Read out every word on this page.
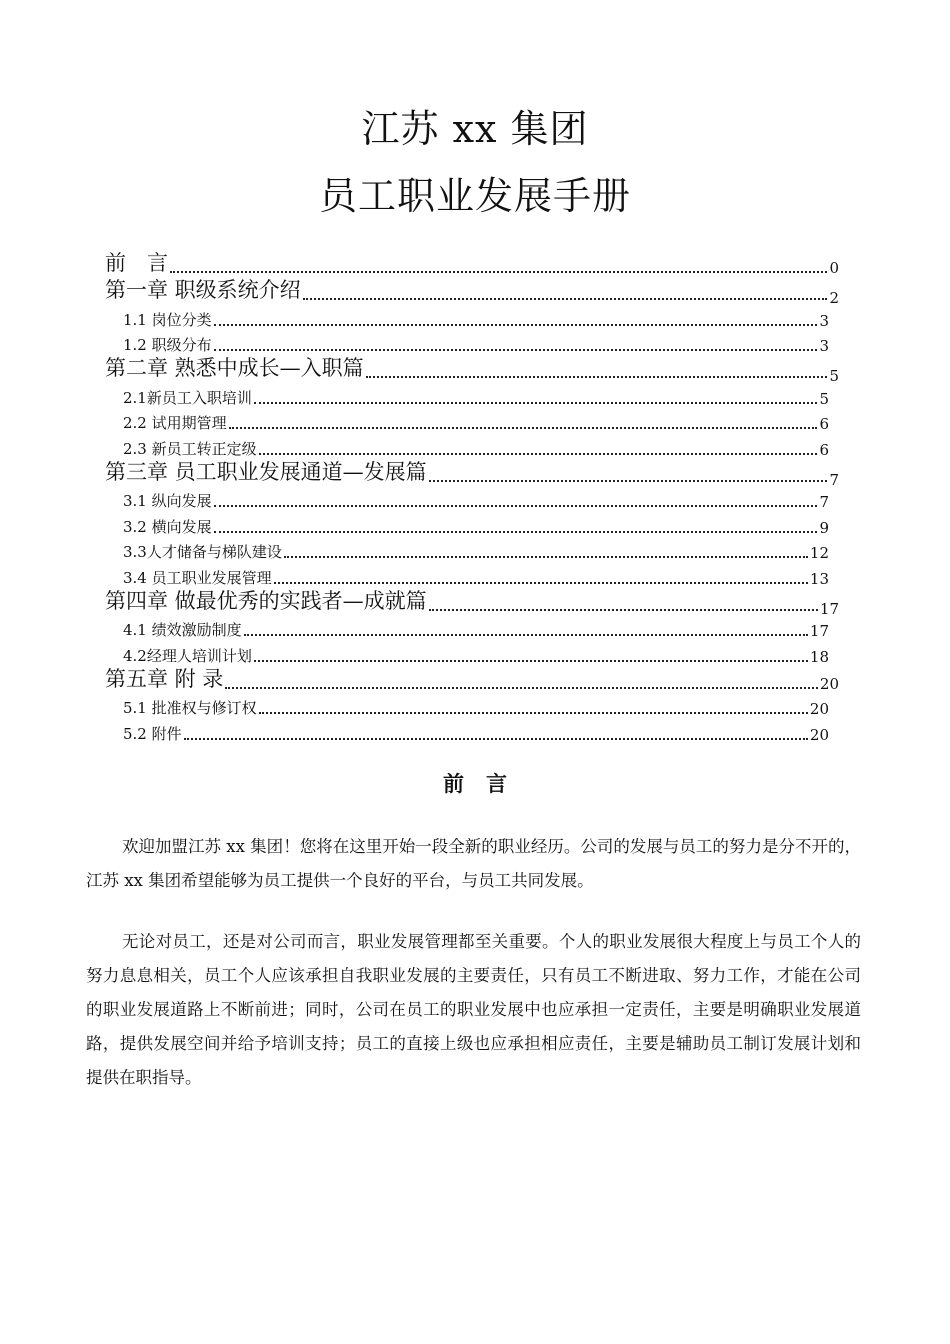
江苏 xx 集团
员工职业发展手册
前　言	0
第一章 职级系统介绍	2
1.1 岗位分类	3
1.2 职级分布	3
第二章 熟悉中成长—入职篇	5
2.1新员工入职培训	5
2.2 试用期管理	6
2.3 新员工转正定级	6
第三章 员工职业发展通道—发展篇	7
3.1 纵向发展	7
3.2 横向发展	9
3.3人才储备与梯队建设	12
3.4 员工职业发展管理	13
第四章 做最优秀的实践者—成就篇	17
4.1 绩效激励制度	17
4.2经理人培训计划	18
第五章 附 录	20
5.1 批准权与修订权	20
5.2 附件	20
前言

欢迎加盟江苏 xx 集团！您将在这里开始一段全新的职业经历。公司的发展与员工的努力是分不开的，江苏 xx 集团希望能够为员工提供一个良好的平台，与员工共同发展。

无论对员工，还是对公司而言，职业发展管理都至关重要。个人的职业发展很大程度上与员工个人的努力息息相关，员工个人应该承担自我职业发展的主要责任，只有员工不断进取、努力工作，才能在公司的职业发展道路上不断前进；同时，公司在员工的职业发展中也应承担一定责任，主要是明确职业发展道路，提供发展空间并给予培训支持；员工的直接上级也应承担相应责任，主要是辅助员工制订发展计划和提供在职指导。
